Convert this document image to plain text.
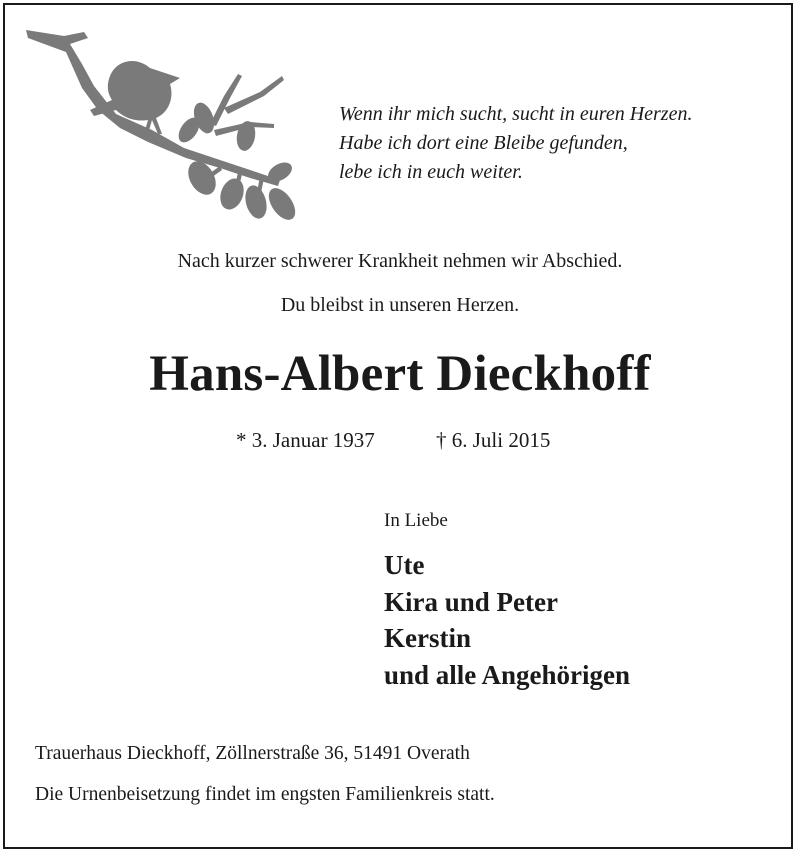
Wenn ihr mich sucht, sucht in euren Herzen.
Habe ich dort eine Bleibe gefunden,
lebe ich in euch weiter.
Nach kurzer schwerer Krankheit nehmen wir Abschied.
Du bleibst in unseren Herzen.
Hans-Albert Dieckhoff
* 3. Januar 1937	† 6. Juli 2015
In Liebe
Ute
Kira und Peter
Kerstin
und alle Angehörigen
Trauerhaus Dieckhoff, Zöllnerstraße 36, 51491 Overath
Die Urnenbeisetzung findet im engsten Familienkreis statt.
